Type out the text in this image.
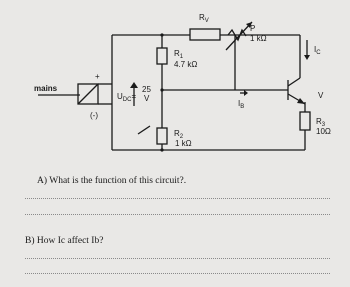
mains
+
(-)
$U_{DC}=$
25
V
$R_1$
4.7 kΩ
$R_2$
1 kΩ
$R_V$
P
1 kΩ
$I_C$
$I_B$
V
$R_3$
10Ω
A) What is the function of this circuit?.
B) How Ic affect Ib?
